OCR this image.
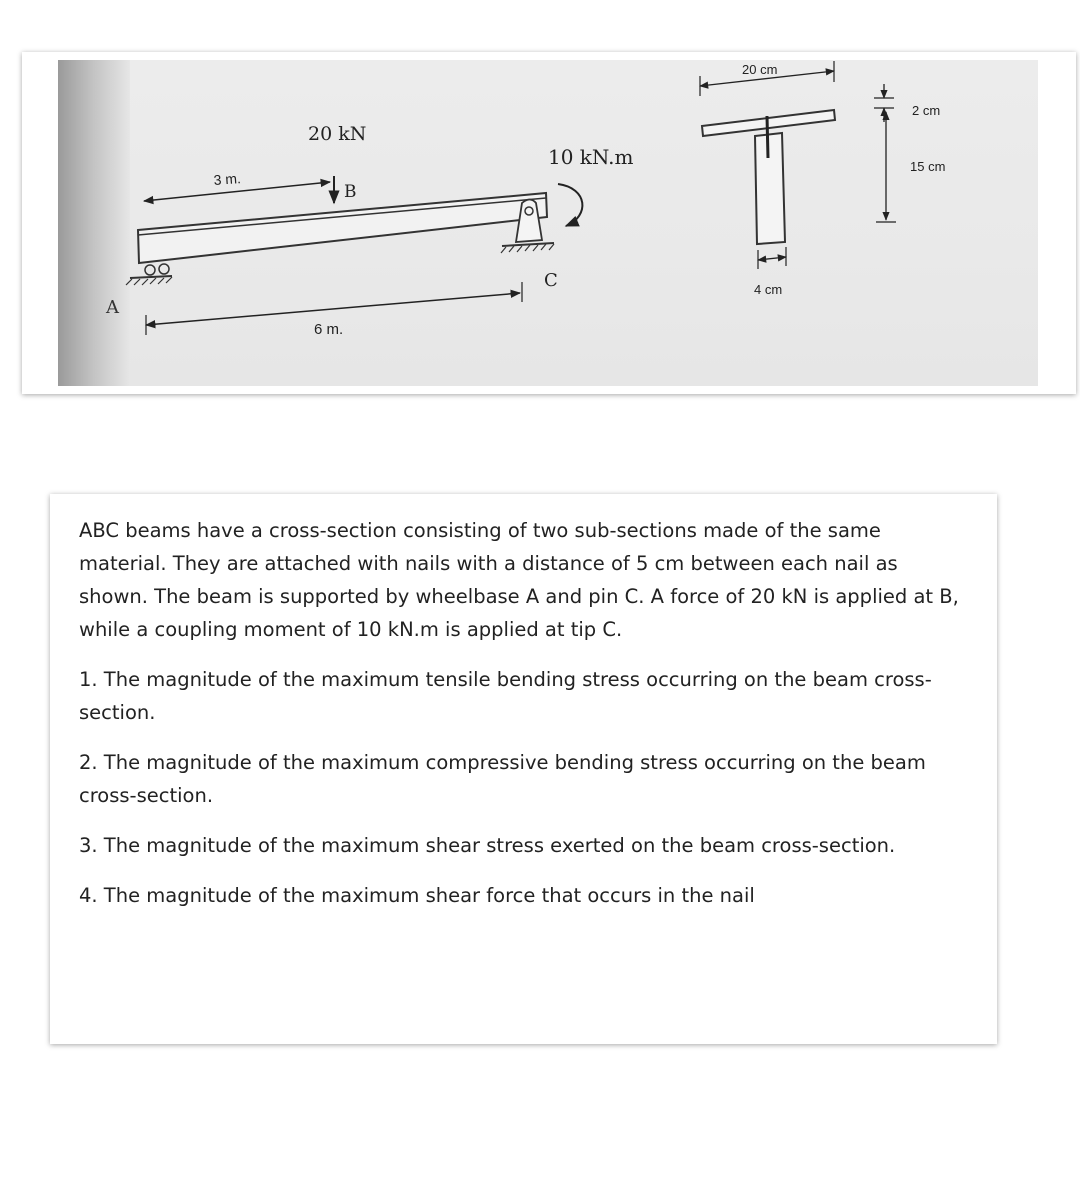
A
B
C
20 kN
10 kN.m
3 m.
6 m.
20 cm
2 cm
15 cm
4 cm

ABC beams have a cross-section consisting of two sub-sections made of the same material. They are attached with nails with a distance of 5 cm between each nail as shown. The beam is supported by wheelbase A and pin C. A force of 20 kN is applied at B, while a coupling moment of 10 kN.m is applied at tip C.

1. The magnitude of the maximum tensile bending stress occurring on the beam cross-section.

2. The magnitude of the maximum compressive bending stress occurring on the beam cross-section.

3. The magnitude of the maximum shear stress exerted on the beam cross-section.

4. The magnitude of the maximum shear force that occurs in the nail
